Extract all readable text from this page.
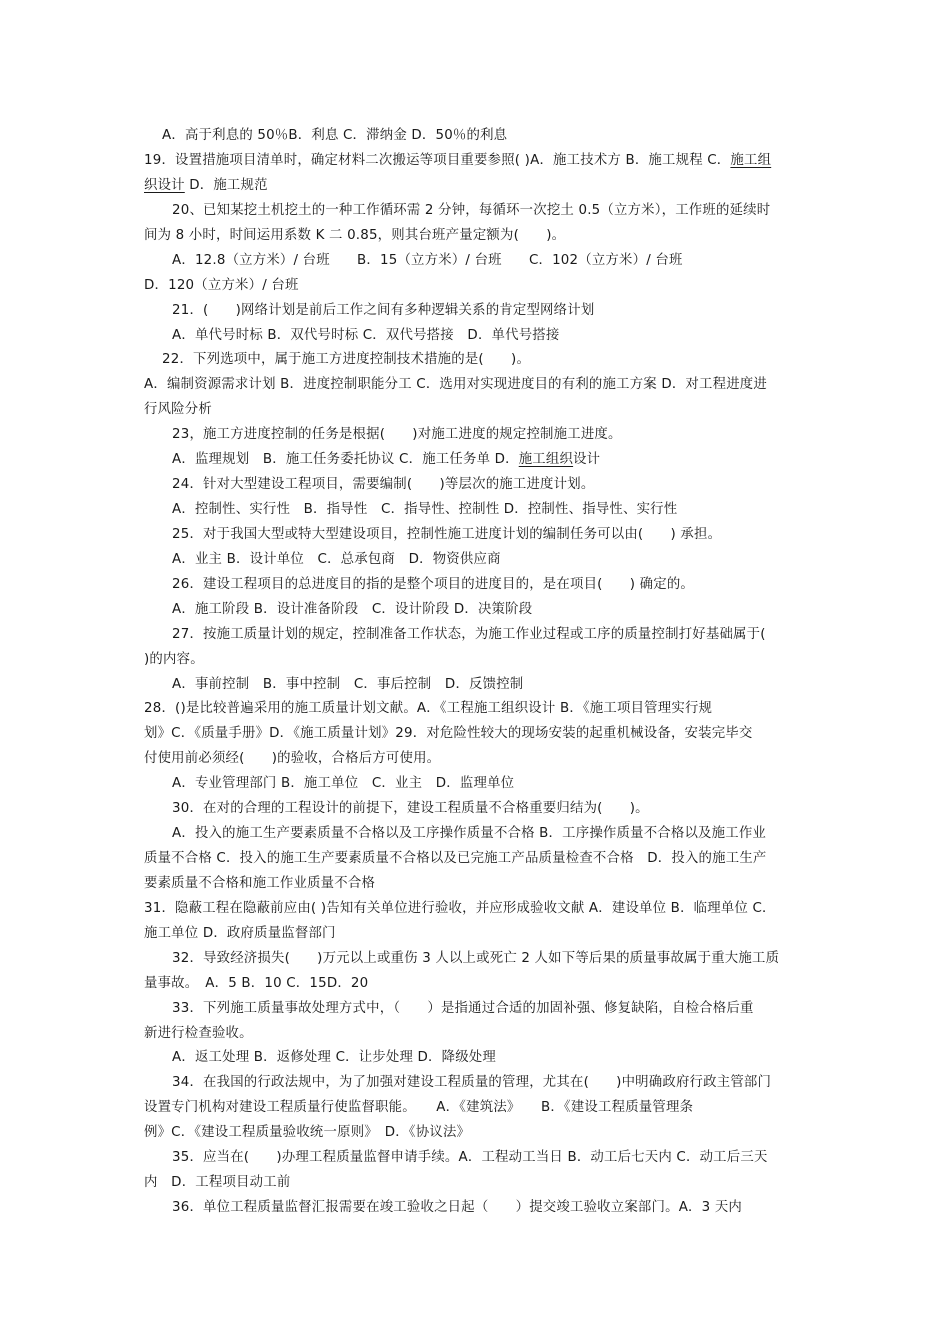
A．高于利息的 50％B．利息 C．滞纳金 D．50％的利息
19．设置措施项目清单时，确定材料二次搬运等项目重要参照( )A．施工技术方 B．施工规程 C．施工组
织设计 D．施工规范
20、已知某挖土机挖土的一种工作循环需 2 分钟，每循环一次挖土 0.5（立方米），工作班的延续时
间为 8 小时，时间运用系数 K 二 0.85，则其台班产量定额为(　　)。
A．12.8（立方米）/ 台班　　B．15（立方米）/ 台班　　C．102（立方米）/ 台班
D．120（立方米）/ 台班
21．(　　)网络计划是前后工作之间有多种逻辑关系的肯定型网络计划
A．单代号时标 B．双代号时标 C．双代号搭接　D．单代号搭接
22．下列选项中，属于施工方进度控制技术措施的是(　　)。
A．编制资源需求计划 B．进度控制职能分工 C．选用对实现进度目的有利的施工方案 D．对工程进度进
行风险分析
23，施工方进度控制的任务是根据(　　)对施工进度的规定控制施工进度。
A．监理规划　B．施工任务委托协议 C．施工任务单 D．施工组织设计
24．针对大型建设工程项目，需要编制(　　)等层次的施工进度计划。
A．控制性、实行性　B．指导性　C．指导性、控制性 D．控制性、指导性、实行性
25．对于我国大型或特大型建设项目，控制性施工进度计划的编制任务可以由(　　) 承担。
A．业主 B．设计单位　C．总承包商　D．物资供应商
26．建设工程项目的总进度目的指的是整个项目的进度目的，是在项目(　　) 确定的。
A．施工阶段 B．设计准备阶段　C．设计阶段 D．决策阶段
27．按施工质量计划的规定，控制准备工作状态，为施工作业过程或工序的质量控制打好基础属于(
)的内容。
A．事前控制　B．事中控制　C．事后控制　D．反馈控制
28．()是比较普遍采用的施工质量计划文献。A．《工程施工组织设计 B．《施工项目管理实行规
划》C．《质量手册》D．《施工质量计划》29．对危险性较大的现场安装的起重机械设备，安装完毕交
付使用前必须经(　　)的验收，合格后方可使用。
A．专业管理部门 B．施工单位　C．业主　D．监理单位
30．在对的合理的工程设计的前提下，建设工程质量不合格重要归结为(　　)。
A．投入的施工生产要素质量不合格以及工序操作质量不合格 B．工序操作质量不合格以及施工作业
质量不合格 C．投入的施工生产要素质量不合格以及已完施工产品质量检查不合格　D．投入的施工生产
要素质量不合格和施工作业质量不合格
31．隐蔽工程在隐蔽前应由( )告知有关单位进行验收，并应形成验收文献 A．建设单位 B．临理单位 C．
施工单位 D．政府质量监督部门
32．导致经济损失(　　)万元以上或重伤 3 人以上或死亡 2 人如下等后果的质量事故属于重大施工质
量事故。　A．5 B．10 C．15D．20
33．下列施工质量事故处理方式中，（　　）是指通过合适的加固补强、修复缺陷，自检合格后重
新进行检查验收。
A．返工处理 B．返修处理 C．让步处理 D．降级处理
34．在我国的行政法规中，为了加强对建设工程质量的管理，尤其在(　　)中明确政府行政主管部门
设置专门机构对建设工程质量行使监督职能。　　A．《建筑法》　　B．《建设工程质量管理条
例》C．《建设工程质量验收统一原则》　D．《协议法》
35．应当在(　　)办理工程质量监督申请手续。A．工程动工当日 B．动工后七天内 C．动工后三天
内　D．工程项目动工前
36．单位工程质量监督汇报需要在竣工验收之日起（　　）提交竣工验收立案部门。A．3 天内
